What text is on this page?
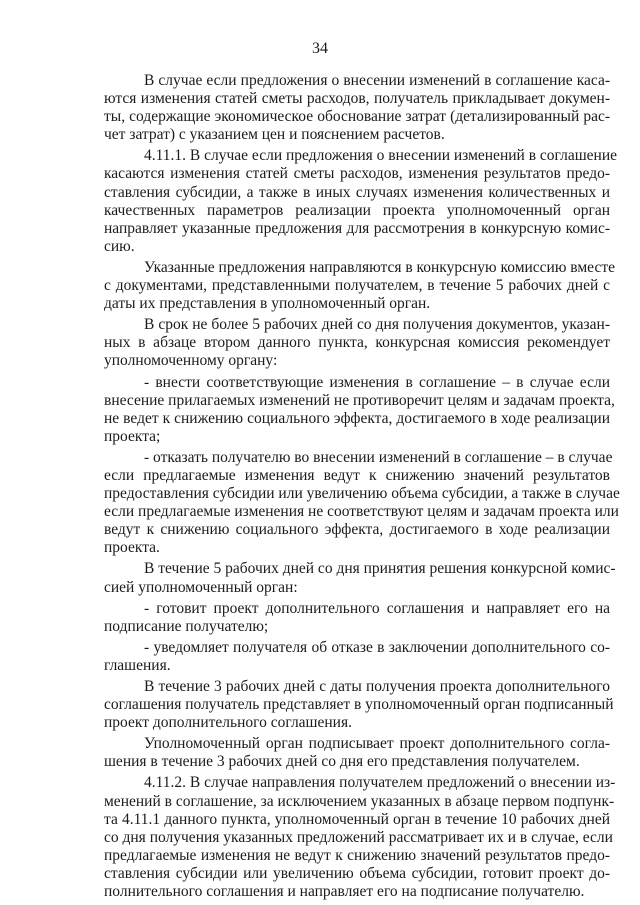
34
В случае если предложения о внесении изменений в соглашение каса-
ются изменения статей сметы расходов, получатель прикладывает докумен-
ты, содержащие экономическое обоснование затрат (детализированный рас-
чет затрат) с указанием цен и пояснением расчетов.
4.11.1. В случае если предложения о внесении изменений в соглашение
касаются изменения статей сметы расходов, изменения результатов предо-
ставления субсидии, а также в иных случаях изменения количественных и
качественных параметров реализации проекта уполномоченный орган
направляет указанные предложения для рассмотрения в конкурсную комис-
сию.
Указанные предложения направляются в конкурсную комиссию вместе
с документами, представленными получателем, в течение 5 рабочих дней с
даты их представления в уполномоченный орган.
В срок не более 5 рабочих дней со дня получения документов, указан-
ных в абзаце втором данного пункта, конкурсная комиссия рекомендует
уполномоченному органу:
- внести соответствующие изменения в соглашение – в случае если
внесение прилагаемых изменений не противоречит целям и задачам проекта,
не ведет к снижению социального эффекта, достигаемого в ходе реализации
проекта;
- отказать получателю во внесении изменений в соглашение – в случае
если предлагаемые изменения ведут к снижению значений результатов
предоставления субсидии или увеличению объема субсидии, а также в случае
если предлагаемые изменения не соответствуют целям и задачам проекта или
ведут к снижению социального эффекта, достигаемого в ходе реализации
проекта.
В течение 5 рабочих дней со дня принятия решения конкурсной комис-
сией уполномоченный орган:
- готовит проект дополнительного соглашения и направляет его на
подписание получателю;
- уведомляет получателя об отказе в заключении дополнительного со-
глашения.
В течение 3 рабочих дней с даты получения проекта дополнительного
соглашения получатель представляет в уполномоченный орган подписанный
проект дополнительного соглашения.
Уполномоченный орган подписывает проект дополнительного согла-
шения в течение 3 рабочих дней со дня его представления получателем.
4.11.2. В случае направления получателем предложений о внесении из-
менений в соглашение, за исключением указанных в абзаце первом подпунк-
та 4.11.1 данного пункта, уполномоченный орган в течение 10 рабочих дней
со дня получения указанных предложений рассматривает их и в случае, если
предлагаемые изменения не ведут к снижению значений результатов предо-
ставления субсидии или увеличению объема субсидии, готовит проект до-
полнительного соглашения и направляет его на подписание получателю.
